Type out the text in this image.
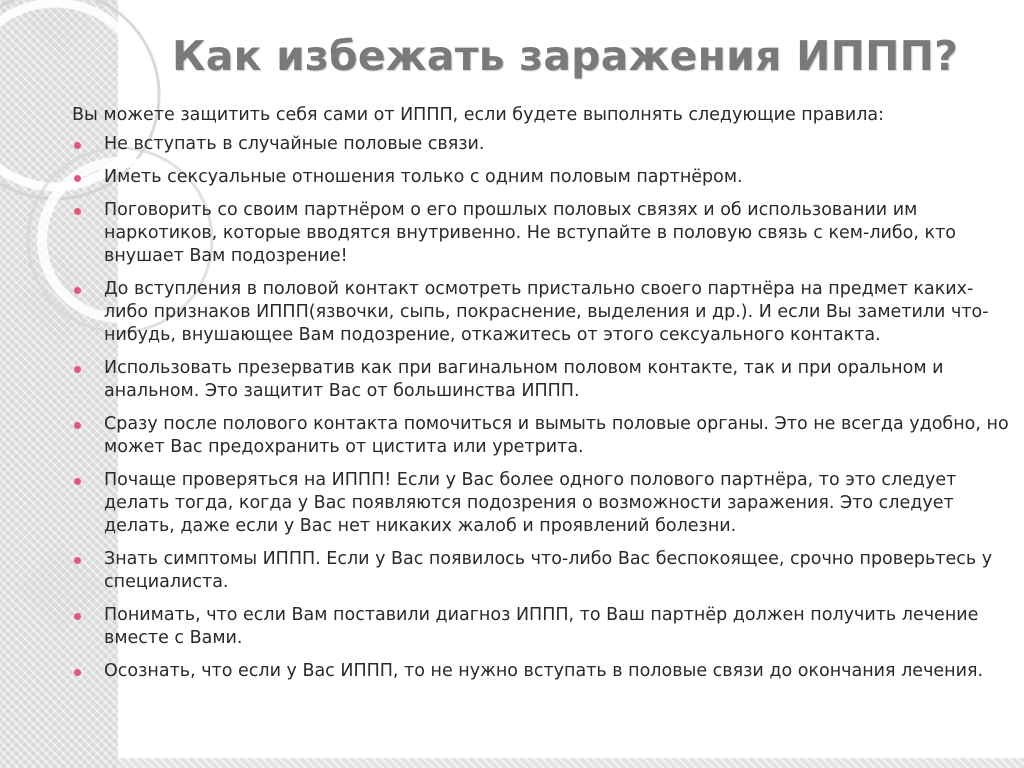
Как избежать заражения ИППП?

Вы можете защитить себя сами от ИППП, если будете выполнять следующие правила:

Не вступать в случайные половые связи.
Иметь сексуальные отношения только с одним половым партнёром.
Поговорить со своим партнёром о его прошлых половых связях и об использовании им наркотиков, которые вводятся внутривенно. Не вступайте в половую связь с кем-либо, кто внушает Вам подозрение!
До вступления в половой контакт осмотреть пристально своего партнёра на предмет каких-либо признаков ИППП(язвочки, сыпь, покраснение, выделения и др.). И если Вы заметили что-нибудь, внушающее Вам подозрение, откажитесь от этого сексуального контакта.
Использовать презерватив как при вагинальном половом контакте, так и при оральном и анальном. Это защитит Вас от большинства ИППП.
Сразу после полового контакта помочиться и вымыть половые органы. Это не всегда удобно, но может Вас предохранить от цистита или уретрита.
Почаще проверяться на ИППП! Если у Вас более одного полового партнёра, то это следует делать тогда, когда у Вас появляются подозрения о возможности заражения. Это следует делать, даже если у Вас нет никаких жалоб и проявлений болезни.
Знать симптомы ИППП. Если у Вас появилось что-либо Вас беспокоящее, срочно проверьтесь у специалиста.
Понимать, что если Вам поставили диагноз ИППП, то Ваш партнёр должен получить лечение вместе с Вами.
Осознать, что если у Вас ИППП, то не нужно вступать в половые связи до окончания лечения.
